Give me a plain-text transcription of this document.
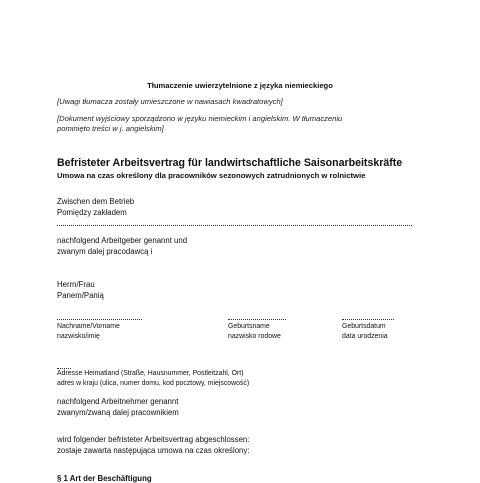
Tłumaczenie uwierzytelnione z języka niemieckiego
[Uwagi tłumacza zostały umieszczone w nawiasach kwadratowych]
[Dokument wyjściowy sporządzono w języku niemieckim i angielskim. W tłumaczeniu
pominięto treści w j. angielskim]
Befristeter Arbeitsvertrag für landwirtschaftliche Saisonarbeitskräfte
Umowa na czas określony dla pracowników sezonowych zatrudnionych w rolnictwie
Zwischen dem Betrieb
Pomiędzy zakładem
nachfolgend Arbeitgeber genannt und
zwanym dalej pracodawcą i
Herrn/Frau
Panem/Panią
Nachname/Vorname
nazwisko/imię
Geburtsname
nazwisko rodowe
Geburtsdatum
data urodzenia
Adresse Heimatland (Straße, Hausnummer, Postleitzahl, Ort)
adres w kraju (ulica, numer domu, kod pocztowy, miejscowość)
nachfolgend Arbeitnehmer genannt
zwanym/zwaną dalej pracownikiem
wird folgender befristeter Arbeitsvertrag abgeschlossen:
zostaje zawarta następująca umowa na czas określony:
§ 1 Art der Beschäftigung
